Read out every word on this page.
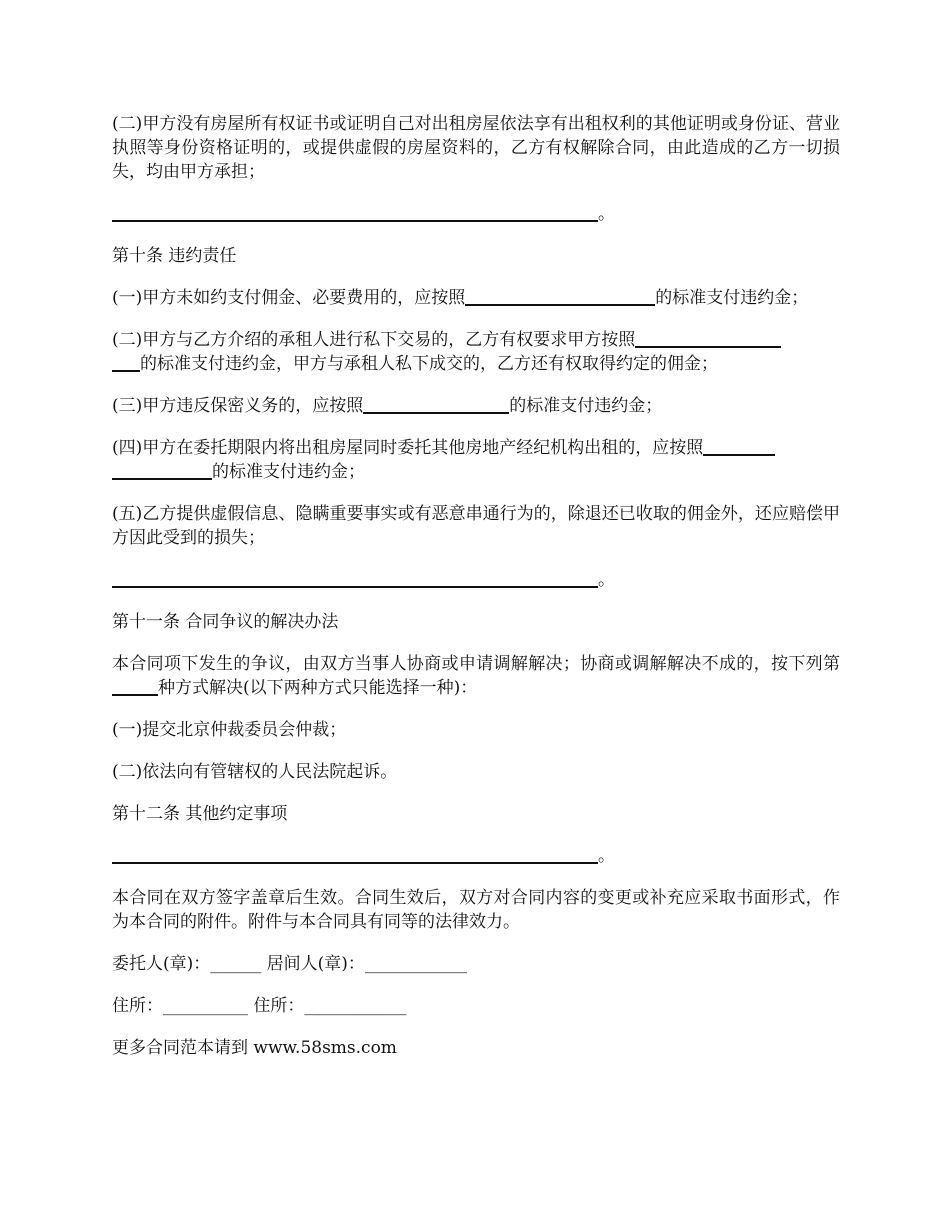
(二)甲方没有房屋所有权证书或证明自己对出租房屋依法享有出租权利的其他证明或身份证、营业执照等身份资格证明的，或提供虚假的房屋资料的，乙方有权解除合同，由此造成的乙方一切损失，均由甲方承担；

。

第十条 违约责任

(一)甲方未如约支付佣金、必要费用的，应按照	的标准支付违约金；

(二)甲方与乙方介绍的承租人进行私下交易的，乙方有权要求甲方按照
的标准支付违约金，甲方与承租人私下成交的，乙方还有权取得约定的佣金；

(三)甲方违反保密义务的，应按照	的标准支付违约金；

(四)甲方在委托期限内将出租房屋同时委托其他房地产经纪机构出租的，应按照
的标准支付违约金；

(五)乙方提供虚假信息、隐瞒重要事实或有恶意串通行为的，除退还已收取的佣金外，还应赔偿甲方因此受到的损失；

。

第十一条 合同争议的解决办法

本合同项下发生的争议，由双方当事人协商或申请调解解决；协商或调解解决不成的，按下列第种方式解决(以下两种方式只能选择一种)：

(一)提交北京仲裁委员会仲裁；

(二)依法向有管辖权的人民法院起诉。

第十二条 其他约定事项

。

本合同在双方签字盖章后生效。合同生效后，双方对合同内容的变更或补充应采取书面形式，作为本合同的附件。附件与本合同具有同等的法律效力。

委托人(章)：______ 居间人(章)：____________

住所：__________ 住所：____________

更多合同范本请到 www.58sms.com
